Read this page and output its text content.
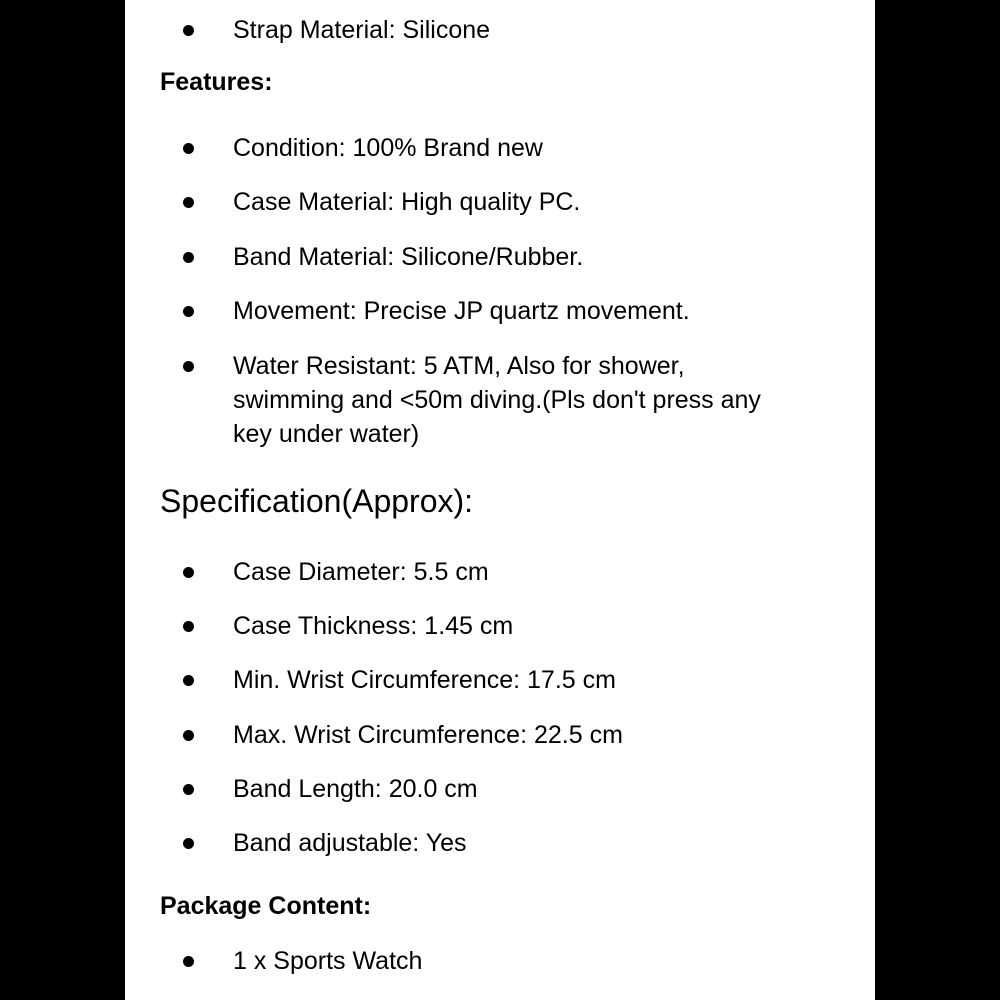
Strap Material: Silicone
Features:
Condition: 100% Brand new
Case Material: High quality PC.
Band Material: Silicone/Rubber.
Movement: Precise JP quartz movement.
Water Resistant: 5 ATM, Also for shower,
swimming and <50m diving.(Pls don't press any
key under water)
Specification(Approx):
Case Diameter: 5.5 cm
Case Thickness: 1.45 cm
Min. Wrist Circumference: 17.5 cm
Max. Wrist Circumference: 22.5 cm
Band Length: 20.0 cm
Band adjustable: Yes
Package Content:
1 x Sports Watch
